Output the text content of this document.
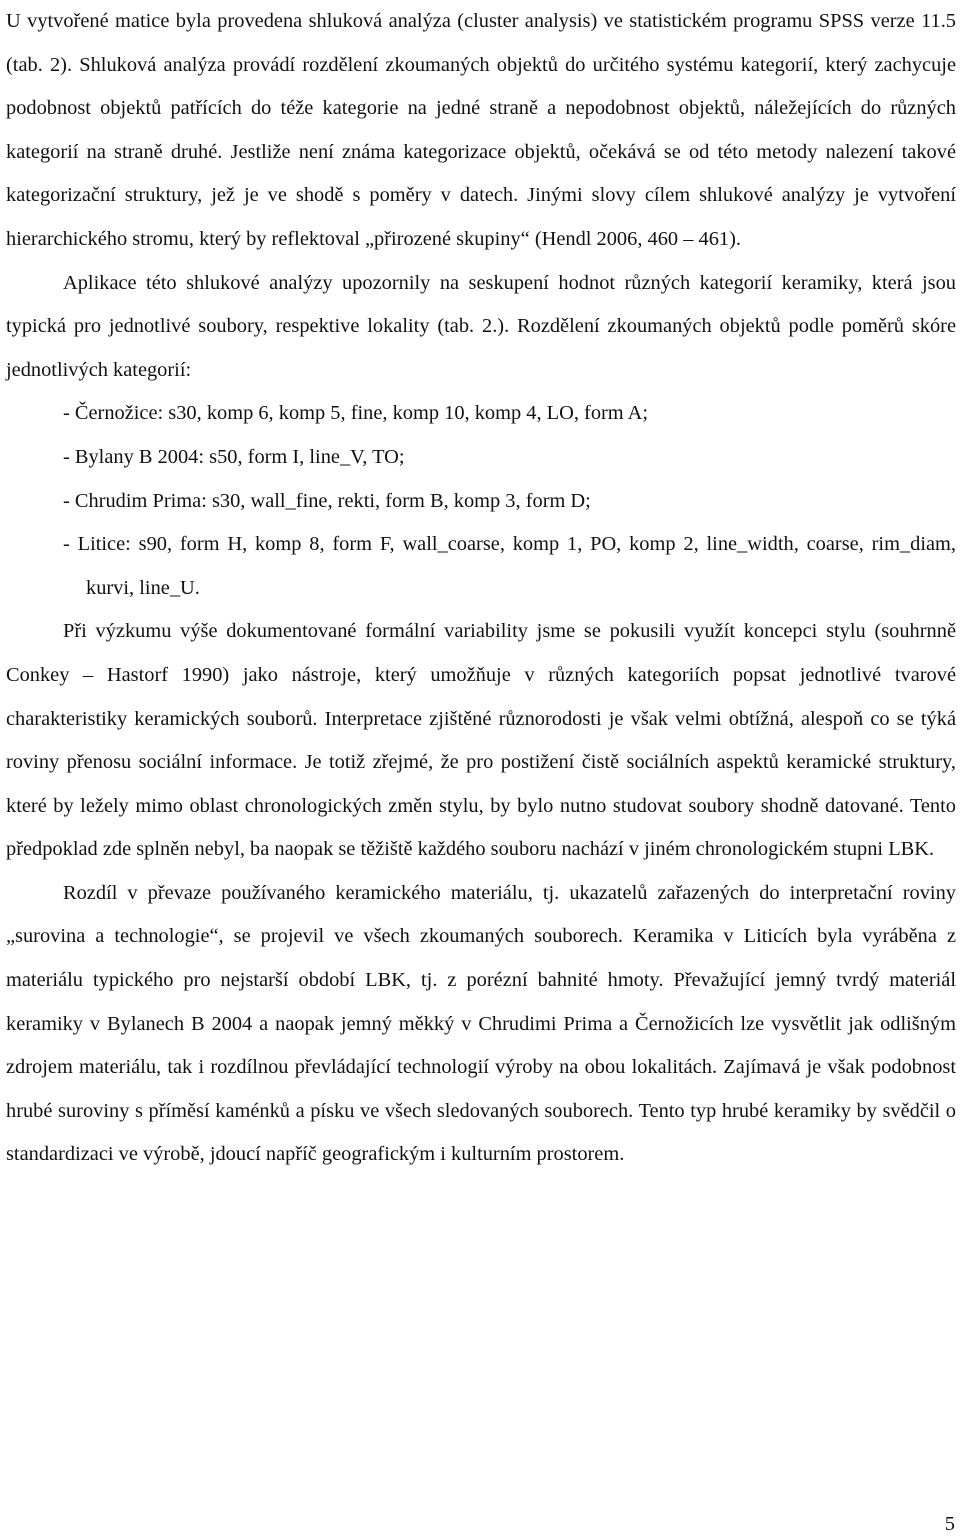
U vytvořené matice byla provedena shluková analýza (cluster analysis) ve statistickém programu SPSS verze 11.5 (tab. 2). Shluková analýza provádí rozdělení zkoumaných objektů do určitého systému kategorií, který zachycuje podobnost objektů patřících do téže kategorie na jedné straně a nepodobnost objektů, náležejících do různých kategorií na straně druhé. Jestliže není známa kategorizace objektů, očekává se od této metody nalezení takové kategorizační struktury, jež je ve shodě s poměry v datech. Jinými slovy cílem shlukové analýzy je vytvoření hierarchického stromu, který by reflektoval „přirozené skupiny“ (Hendl 2006, 460 – 461).

Aplikace této shlukové analýzy upozornily na seskupení hodnot různých kategorií keramiky, která jsou typická pro jednotlivé soubory, respektive lokality (tab. 2.). Rozdělení zkoumaných objektů podle poměrů skóre jednotlivých kategorií:

- Černožice: s30, komp 6, komp 5, fine, komp 10, komp 4, LO, form A;

- Bylany B 2004: s50, form I, line_V, TO;

- Chrudim Prima: s30, wall_fine, rekti, form B, komp 3, form D;

- Litice: s90, form H, komp 8, form F, wall_coarse, komp 1, PO, komp 2, line_width, coarse, rim_diam, kurvi, line_U.

Při výzkumu výše dokumentované formální variability jsme se pokusili využít koncepci stylu (souhrnně Conkey – Hastorf 1990) jako nástroje, který umožňuje v různých kategoriích popsat jednotlivé tvarové charakteristiky keramických souborů. Interpretace zjištěné různorodosti je však velmi obtížná, alespoň co se týká roviny přenosu sociální informace. Je totiž zřejmé, že pro postižení čistě sociálních aspektů keramické struktury, které by ležely mimo oblast chronologických změn stylu, by bylo nutno studovat soubory shodně datované. Tento předpoklad zde splněn nebyl, ba naopak se těžiště každého souboru nachází v jiném chronologickém stupni LBK.

Rozdíl v převaze používaného keramického materiálu, tj. ukazatelů zařazených do interpretační roviny „surovina a technologie“, se projevil ve všech zkoumaných souborech. Keramika v Liticích byla vyráběna z materiálu typického pro nejstarší období LBK, tj. z porézní bahnité hmoty. Převažující jemný tvrdý materiál keramiky v Bylanech B 2004 a naopak jemný měkký v Chrudimi Prima a Černožicích lze vysvětlit jak odlišným zdrojem materiálu, tak i rozdílnou převládající technologií výroby na obou lokalitách. Zajímavá je však podobnost hrubé suroviny s příměsí kaménků a písku ve všech sledovaných souborech. Tento typ hrubé keramiky by svědčil o standardizaci ve výrobě, jdoucí napříč geografickým i kulturním prostorem.

5
